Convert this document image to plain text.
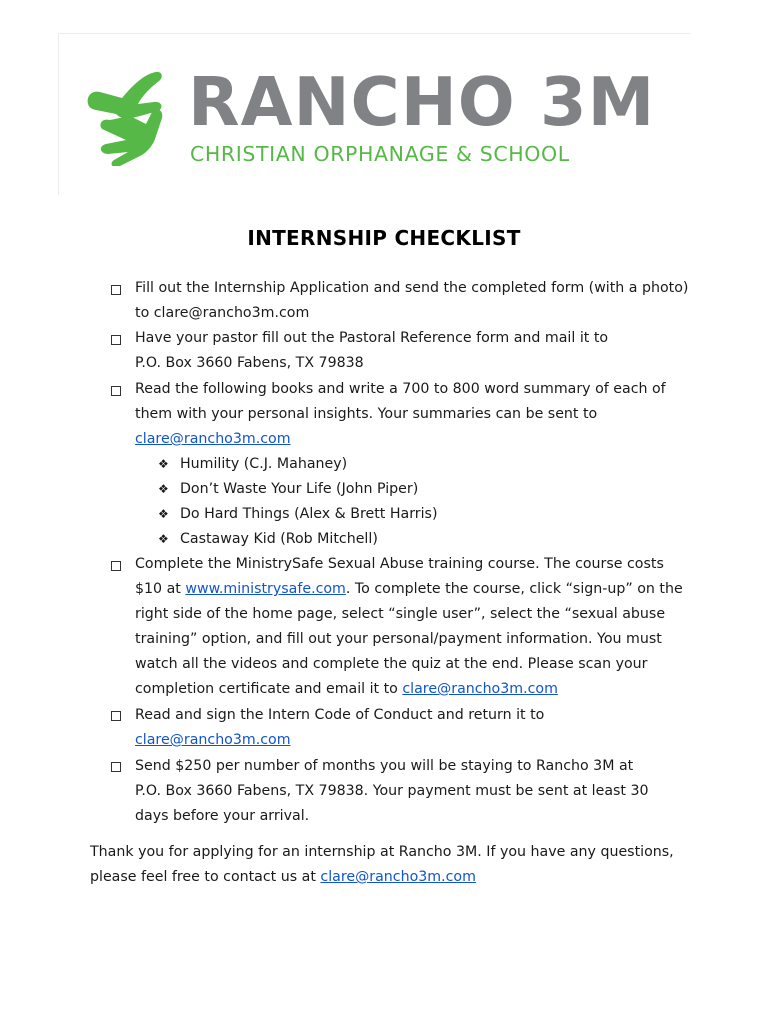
RANCHO 3M
CHRISTIAN ORPHANAGE & SCHOOL
INTERNSHIP CHECKLIST
Fill out the Internship Application and send the completed form (with a photo)
to clare@rancho3m.com
Have your pastor fill out the Pastoral Reference form and mail it to
P.O. Box 3660 Fabens, TX 79838
Read the following books and write a 700 to 800 word summary of each of
them with your personal insights. Your summaries can be sent to
clare@rancho3m.com
❖ Humility (C.J. Mahaney)
❖ Don’t Waste Your Life (John Piper)
❖ Do Hard Things (Alex & Brett Harris)
❖ Castaway Kid (Rob Mitchell)
Complete the MinistrySafe Sexual Abuse training course. The course costs
$10 at www.ministrysafe.com. To complete the course, click “sign-up” on the
right side of the home page, select “single user”, select the “sexual abuse
training” option, and fill out your personal/payment information. You must
watch all the videos and complete the quiz at the end. Please scan your
completion certificate and email it to clare@rancho3m.com
Read and sign the Intern Code of Conduct and return it to
clare@rancho3m.com
Send $250 per number of months you will be staying to Rancho 3M at
P.O. Box 3660 Fabens, TX 79838. Your payment must be sent at least 30
days before your arrival.
Thank you for applying for an internship at Rancho 3M. If you have any questions,
please feel free to contact us at clare@rancho3m.com
